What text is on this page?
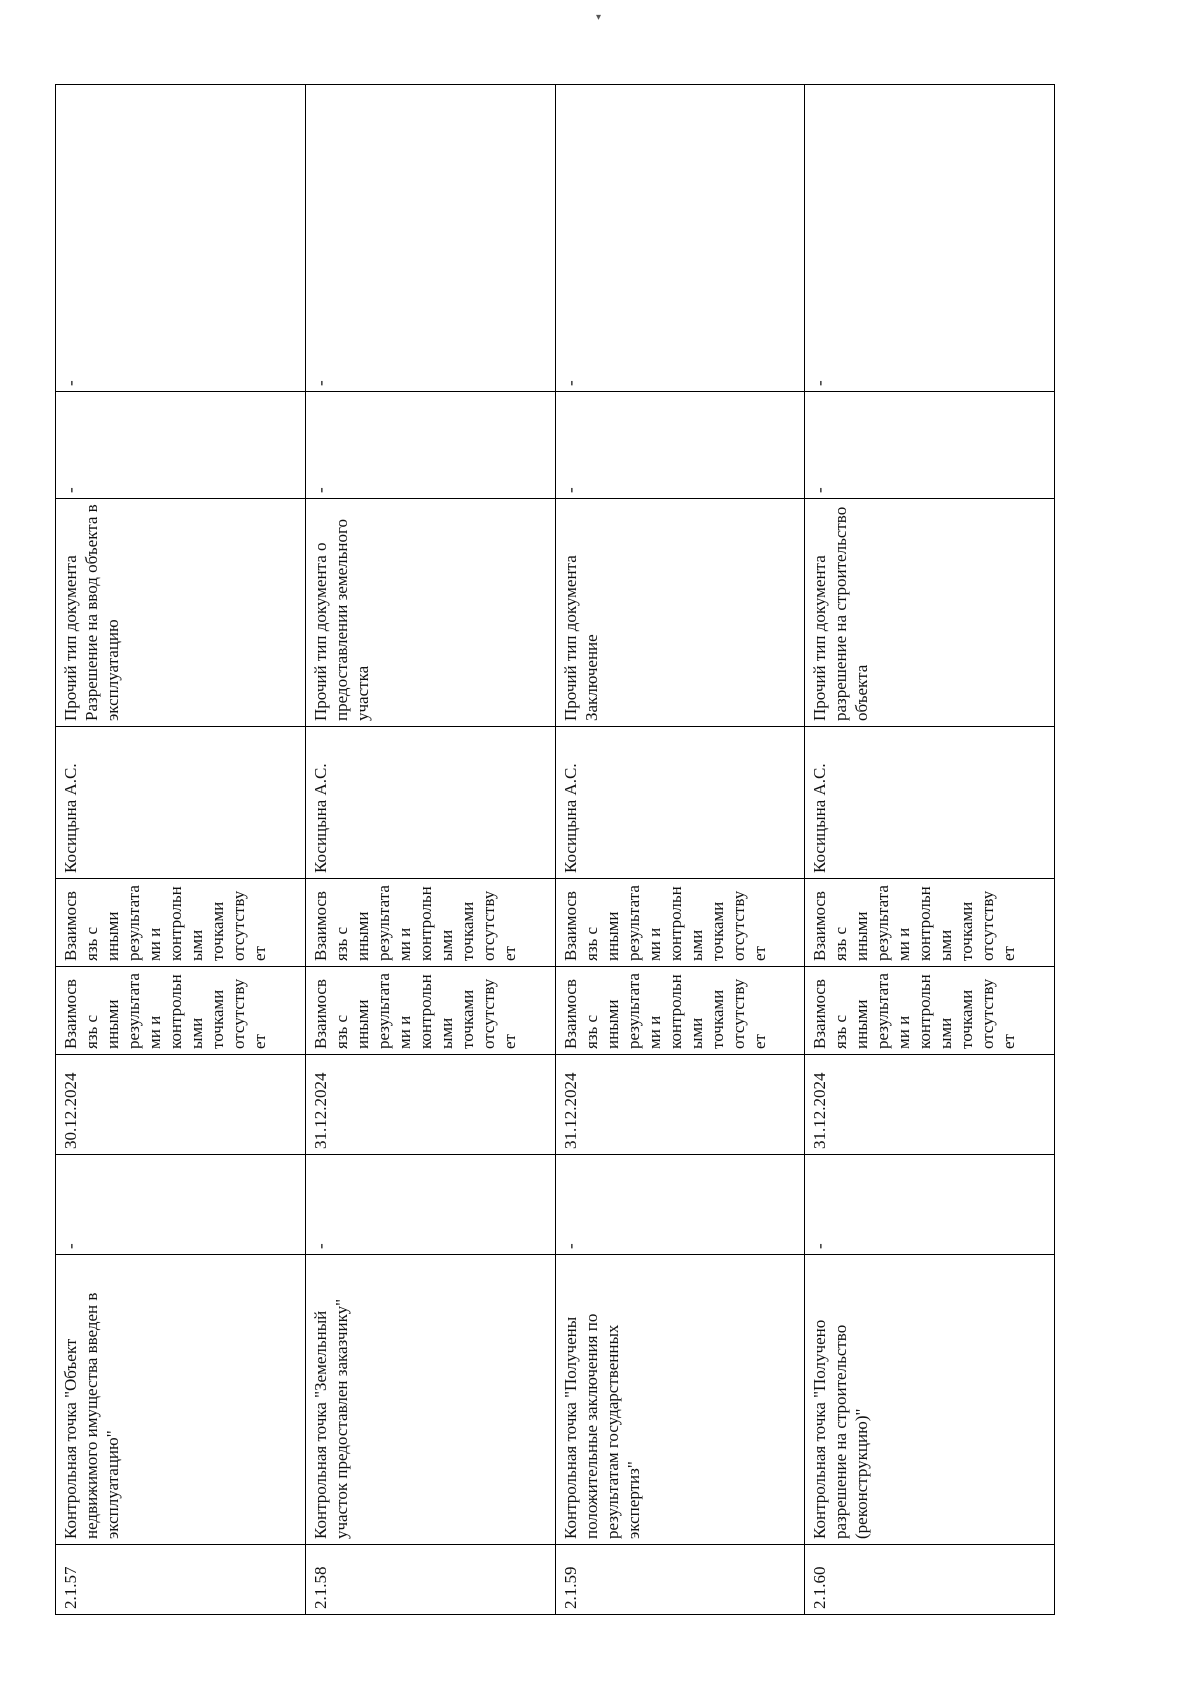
▾
2.1.57	Контрольная точка "Объект недвижимого имущества введен в эксплуатацию"	-	30.12.2024	Взаимосвязь с иными результатами и контрольными точками отсутствует	Взаимосвязь с иными результатами и контрольными точками отсутствует	Косицына А.С.	Прочий тип документа Разрешение на ввод объекта в эксплуатацию	-	-
2.1.58	Контрольная точка "Земельный участок предоставлен заказчику"	-	31.12.2024	Взаимосвязь с иными результатами и контрольными точками отсутствует	Взаимосвязь с иными результатами и контрольными точками отсутствует	Косицына А.С.	Прочий тип документа о предоставлении земельного участка	-	-
2.1.59	Контрольная точка "Получены положительные заключения по результатам государственных экспертиз"	-	31.12.2024	Взаимосвязь с иными результатами и контрольными точками отсутствует	Взаимосвязь с иными результатами и контрольными точками отсутствует	Косицына А.С.	Прочий тип документа Заключение	-	-
2.1.60	Контрольная точка "Получено разрешение на строительство (реконструкцию)"	-	31.12.2024	Взаимосвязь с иными результатами и контрольными точками отсутствует	Взаимосвязь с иными результатами и контрольными точками отсутствует	Косицына А.С.	Прочий тип документа разрешение на строительство объекта	-	-
